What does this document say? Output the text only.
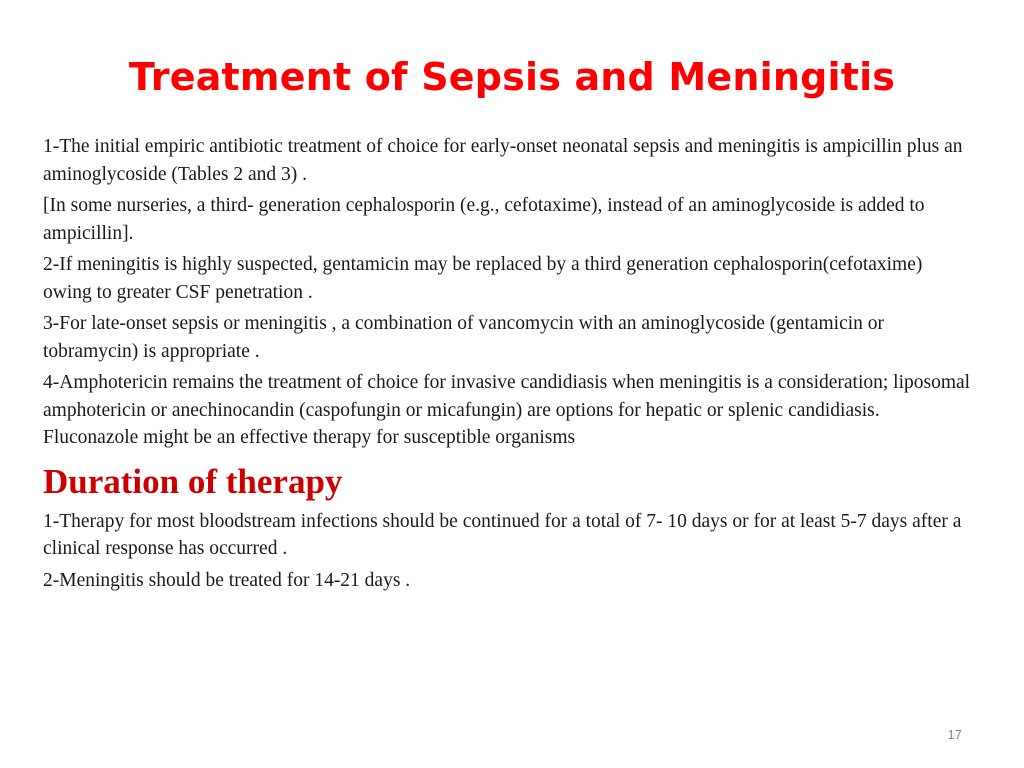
Treatment of Sepsis and Meningitis

1-The initial empiric antibiotic treatment of choice for early-onset neonatal sepsis and meningitis is ampicillin plus an aminoglycoside (Tables 2 and 3) .

[In some nurseries, a third- generation cephalosporin (e.g., cefotaxime), instead of an aminoglycoside is added to ampicillin].

2-If meningitis is highly suspected, gentamicin may be replaced by a third generation cephalosporin(cefotaxime) owing to greater CSF penetration .

3-For late-onset sepsis or meningitis , a combination of vancomycin with an aminoglycoside (gentamicin or tobramycin) is appropriate .

4-Amphotericin remains the treatment of choice for invasive candidiasis when meningitis is a consideration; liposomal amphotericin or anechinocandin (caspofungin or micafungin) are options for hepatic or splenic candidiasis. Fluconazole might be an effective therapy for susceptible organisms

Duration of therapy

1-Therapy for most bloodstream infections should be continued for a total of 7- 10 days or for at least 5-7 days after a clinical response has occurred .

2-Meningitis should be treated for 14-21 days .

17
